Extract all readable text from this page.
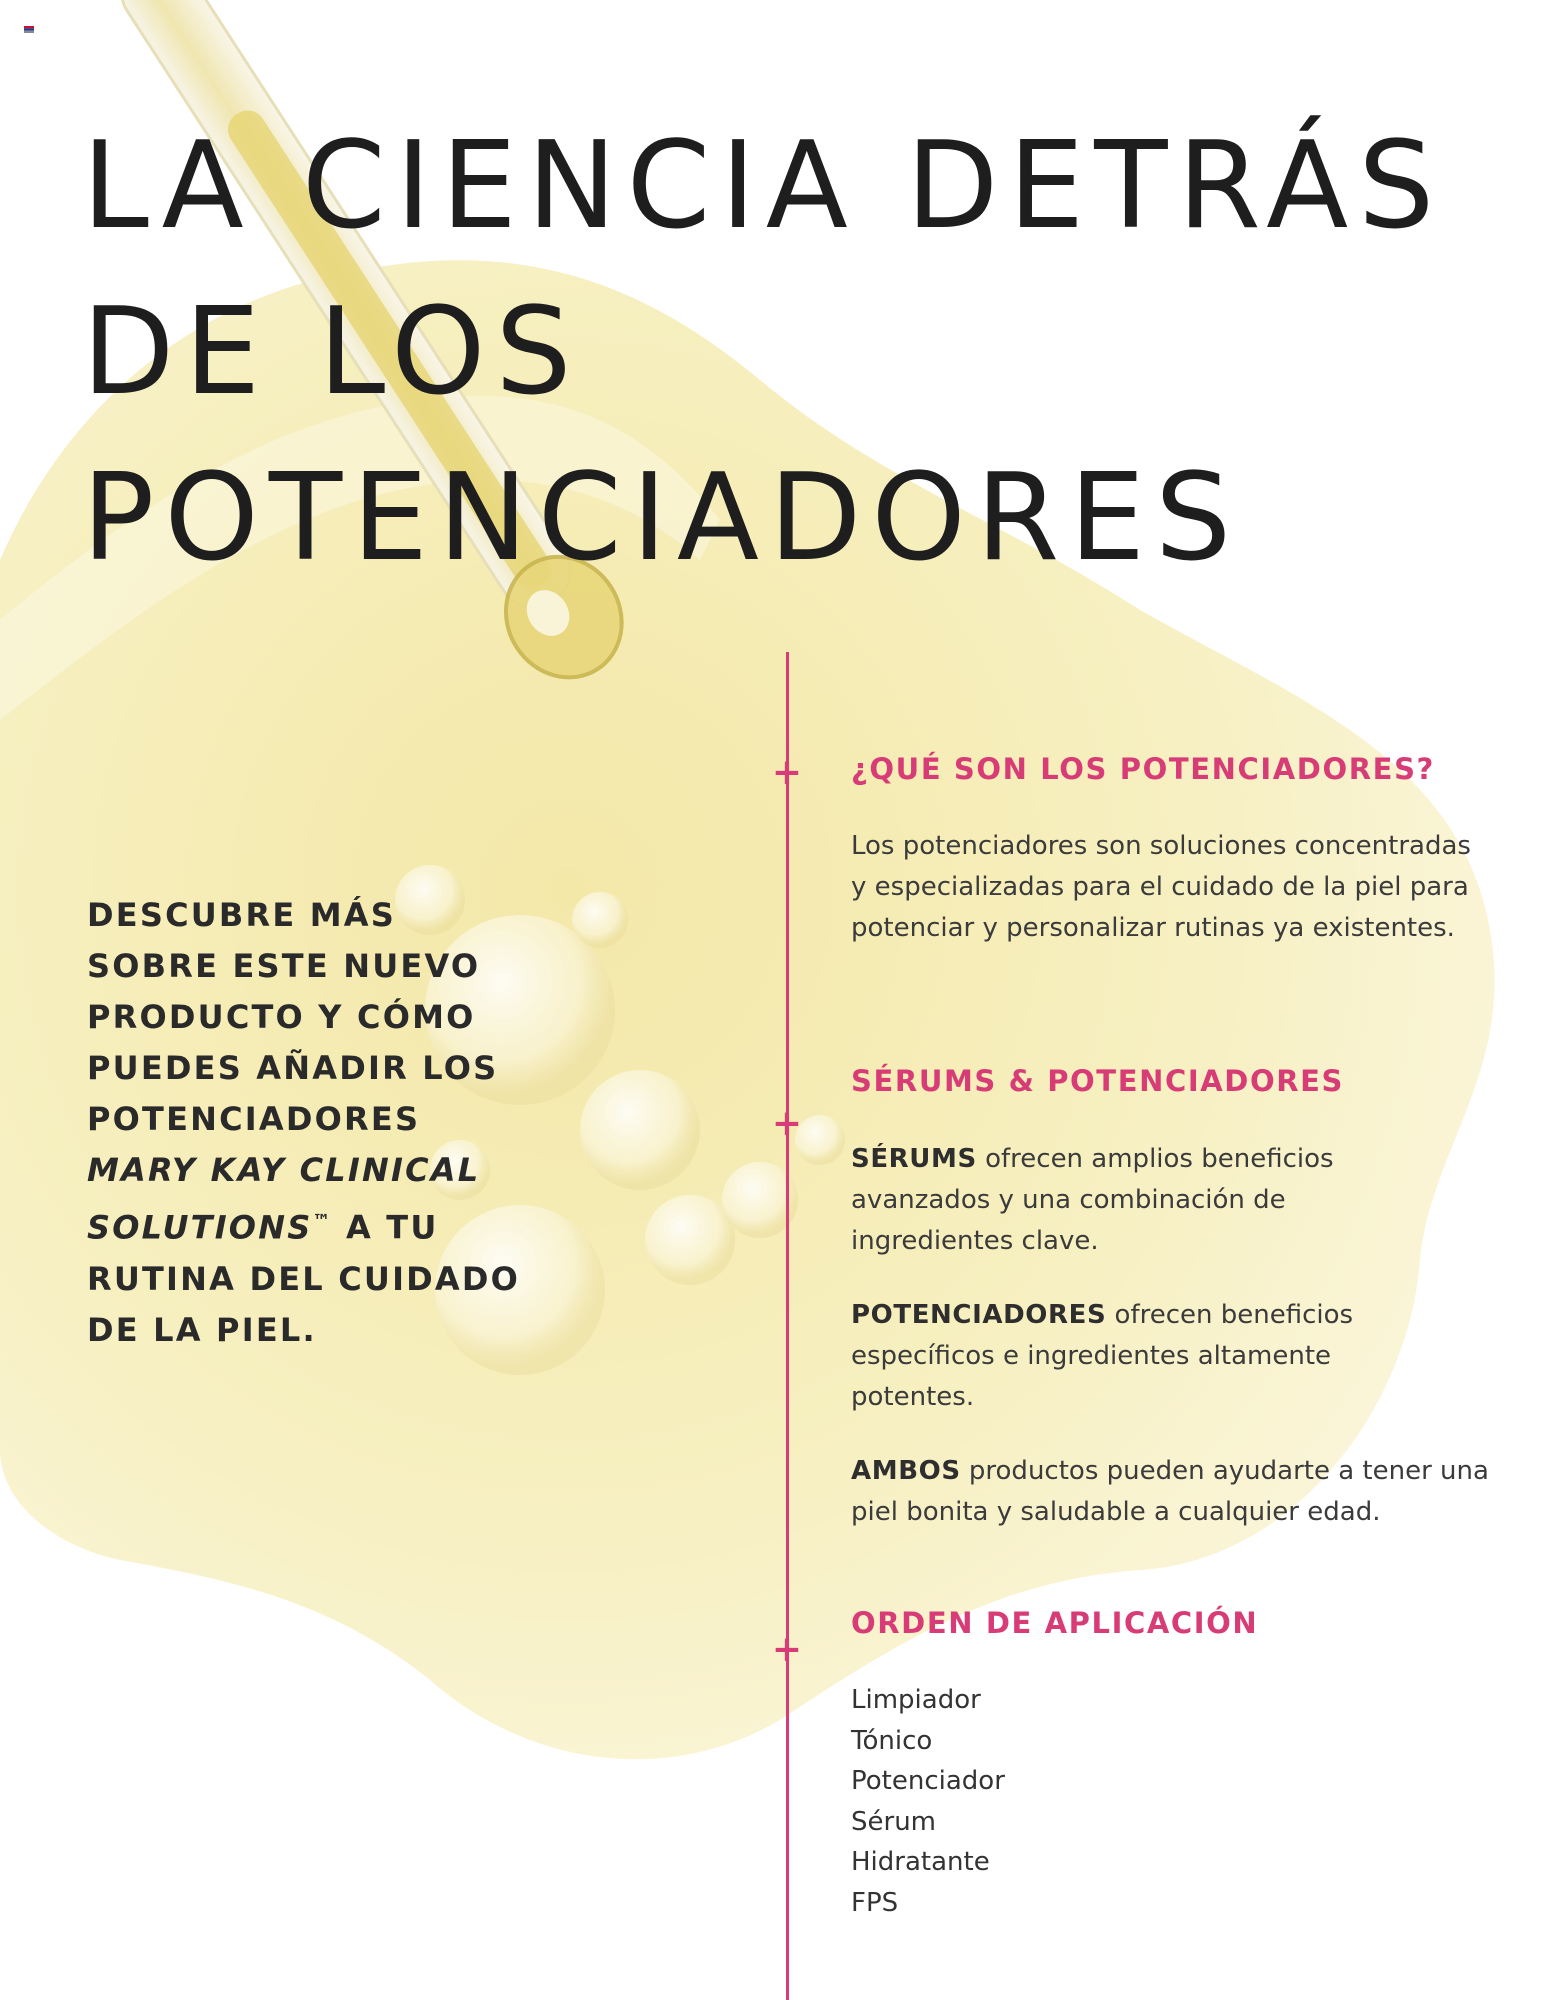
LA CIENCIA DETRÁS
DE LOS
POTENCIADORES

DESCUBRE MÁS
SOBRE ESTE NUEVO
PRODUCTO Y CÓMO
PUEDES AÑADIR LOS
POTENCIADORES
MARY KAY CLINICAL
SOLUTIONS™ A TU
RUTINA DEL CUIDADO
DE LA PIEL.

+
+
+
¿QUÉ SON LOS POTENCIADORES?

Los potenciadores son soluciones concentradas y especializadas para el cuidado de la piel para potenciar y personalizar rutinas ya existentes.

SÉRUMS & POTENCIADORES

SÉRUMS ofrecen amplios beneficios avanzados y una combinación de ingredientes clave.

POTENCIADORES ofrecen beneficios específicos e ingredientes altamente potentes.

AMBOS productos pueden ayudarte a tener una piel bonita y saludable a cualquier edad.

ORDEN DE APLICACIÓN
Limpiador
Tónico
Potenciador
Sérum
Hidratante
FPS
